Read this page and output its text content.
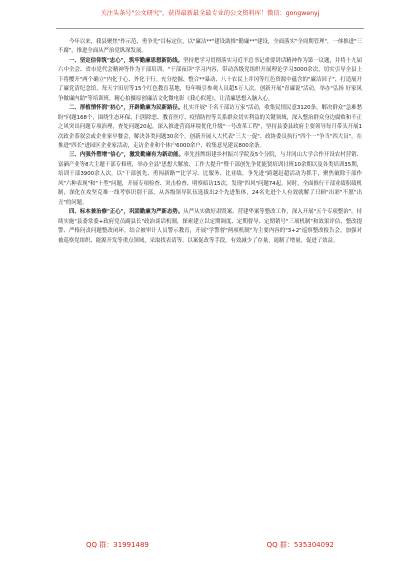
关注头条号"公文研究"，获得最新最全最专业的公文资料库！微信：gongwenyj

今年以来，我县聚焦"作示范、勇争先"目标定位，以"廉洁**"建设助推"勤廉**"建设，全面落实"全周期管理"，一体推进"三不腐"，推进全面从严治党纵深发展。

一、坚定信仰筑"忠心"，筑牢勤廉思想新防线。坚持把学习贯彻落实习近平总书记重要讲话精神作为第一议题，并将十九届六中全会、省市党代会精神等作为干部培训、"干部夜读"学习内容，带动各级党组织开展理论学习3000余次，切实引导全县上下将樱开"两个确立"内化于心、外化于行。充分挖掘、整合**暴动、八十农民上井冈等红色资源中蕴含的"廉洁因子"，打造展开了廉党清纪念馆，每天宇田居等15个红色教育基地，每年吸引参观人员超5万人次。创新开展"青廉说"活动，举办"弘扬 好家风 争做廉内助"等培训班，精心拍摄原创廉洁文化微电影《我心似莲》，让清廉思想入脑入心。

二、厚植情怀润"初心"，开辟勤廉为民新路径。扎实开展"千名干部访万家"活动，收集民情民意3120条，解决群众"急难愁盼"问题168个，围绕生态环保、扫黑除恶、教育医疗、疫情防控等关系群众切实利益的关键领域，深入整治群众身边腐败和不正之风突出问题专项治理，查处问题20起。深入推进营商环境优化升级"一号改革工程"，坚持县委县政府主要领导每月带头开展1次政企茶叙会或企业家早餐会，解决各类问题30余个。创新开展人大代表"三大一促"、政协委员执行"四个一"争当"四大员"，在推进"四长"进园区企业家活动，走访企业和个体户6000余户，收集意见建议800余条。

三、内强外塑增"信心"，激发勤廉有为新动能。率先挂牌组建乡村振兴学院及5个分院，与井冈山大学合作开设农村营销、富硒产业等8大主题干部专修班，举办全县"思想大解放、工作大提升"暨千部创先争优能贤培训讨班10余期以及各类培训35期，培训干部3900余人次。以"干部创先、勇闯新路""比学习、比服务、比业绩，争先进"跨越赶超活动为抓手，聚焦破除干部作风"六种表现"和"十型"问题，开展专项检查、突击检查、明察暗访15次，发现"四风"问题74起。同时，全面推行干部业绩积绩机制，深化在攻坚克难一线考察识别干部，从各级领导队伍选拔出2个先进集体，24名先进个人有效就解了只顾"出彩"不愿"出丑"的问题。

四、标本兼治修"正心"，巩固勤廉为严新态势。从严从实做好肃毁案、营建华案等整改工作，深入开展"五个专项整治"，持续实施"县委常委+政府党员副县长"政治谈话机制，探索建立以定期调度、定期督导、定期销号"三项机制"和效果评估、整改提警、严格问责问题整改闭环。结合被审计人员警示教育，开展"学警督"两项机制"为主要内容的"3+2"巡察整改报告会，加强对被巡察党组织、能源开发等重点领域，采取找表请等、以案促改等手段，有效减少了存量，遏制了增量，促进了效益。

QQ 群：31991489	QQ 群：535304092
